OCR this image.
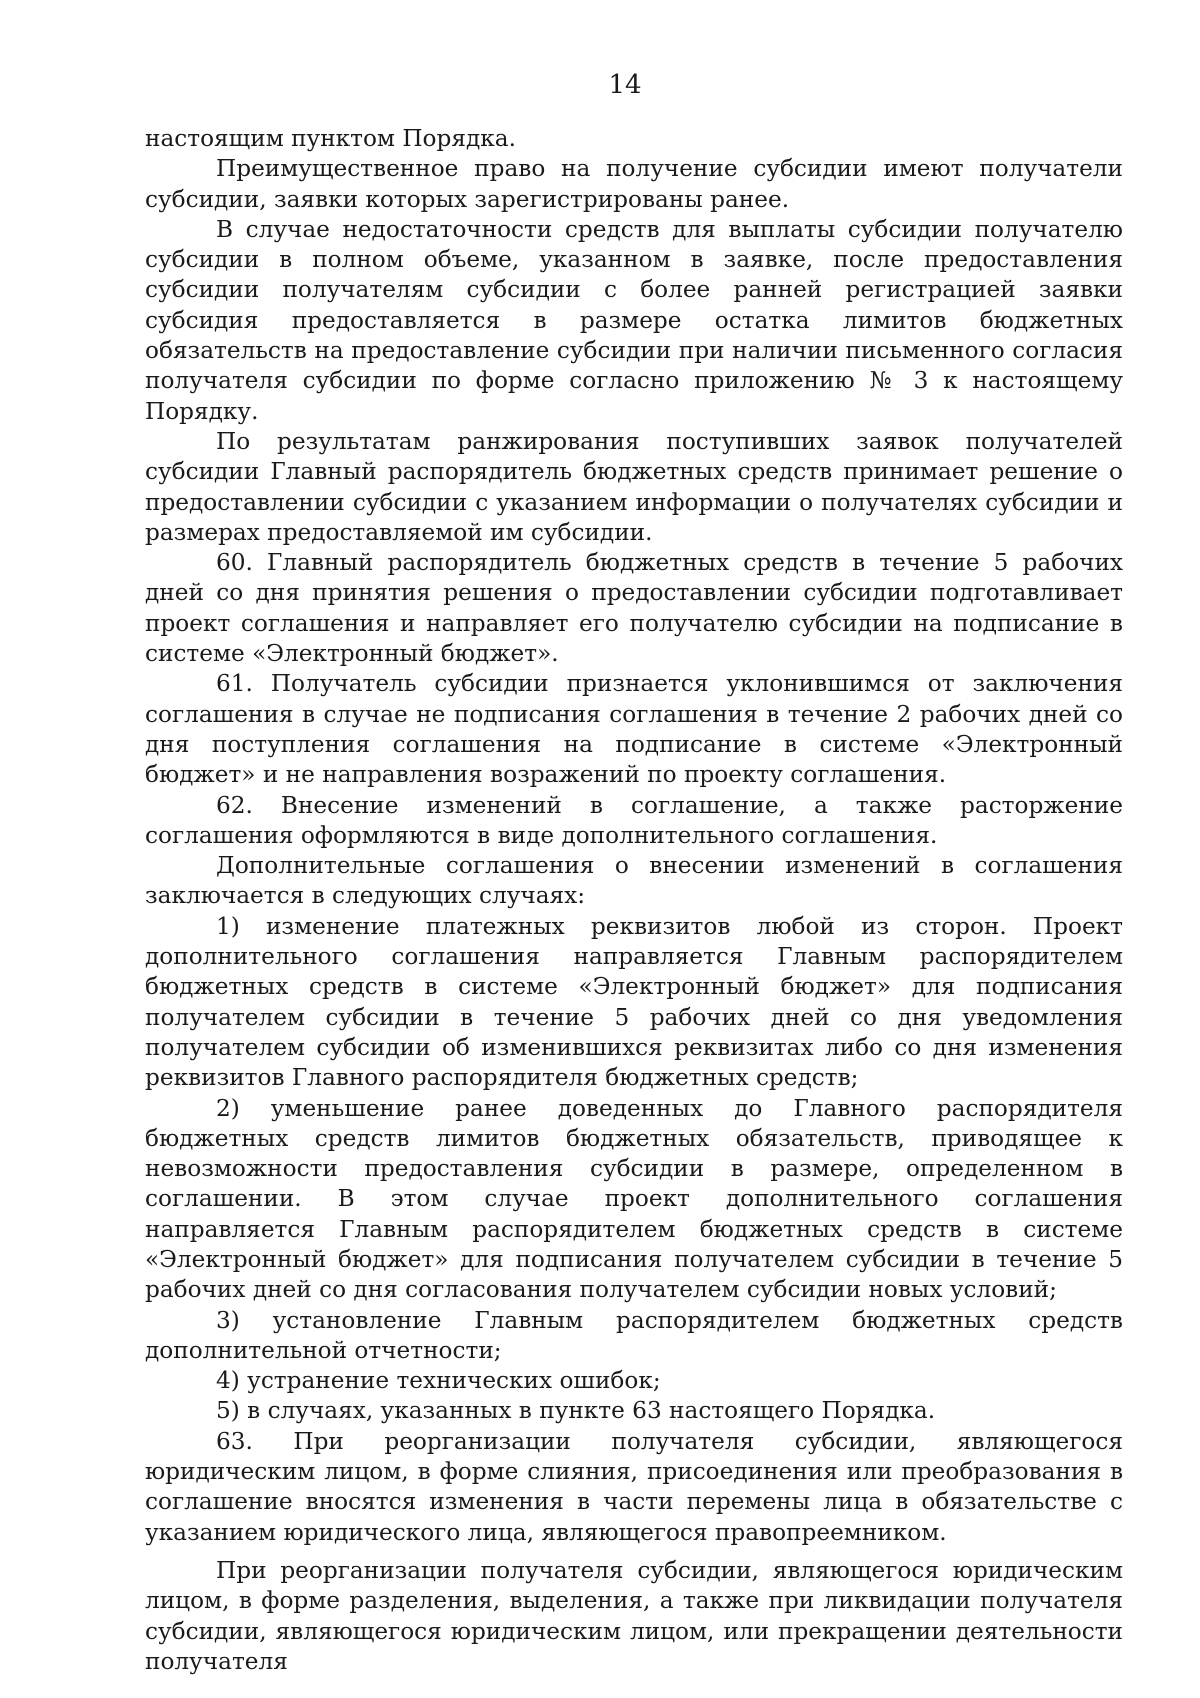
14

настоящим пунктом Порядка.

Преимущественное право на получение субсидии имеют получатели субсидии, заявки которых зарегистрированы ранее.

В случае недостаточности средств для выплаты субсидии получателю субсидии в полном объеме, указанном в заявке, после предоставления субсидии получателям субсидии с более ранней регистрацией заявки субсидия предоставляется в размере остатка лимитов бюджетных обязательств на предоставление субсидии при наличии письменного согласия получателя субсидии по форме согласно приложению № 3 к настоящему Порядку.

По результатам ранжирования поступивших заявок получателей субсидии Главный распорядитель бюджетных средств принимает решение о предоставлении субсидии с указанием информации о получателях субсидии и размерах предоставляемой им субсидии.

60. Главный распорядитель бюджетных средств в течение 5 рабочих дней со дня принятия решения о предоставлении субсидии подготавливает проект соглашения и направляет его получателю субсидии на подписание в системе «Электронный бюджет».

61. Получатель субсидии признается уклонившимся от заключения соглашения в случае не подписания соглашения в течение 2 рабочих дней со дня поступления соглашения на подписание в системе «Электронный бюджет» и не направления возражений по проекту соглашения.

62. Внесение изменений в соглашение, а также расторжение соглашения оформляются в виде дополнительного соглашения.

Дополнительные соглашения о внесении изменений в соглашения заключается в следующих случаях:

1) изменение платежных реквизитов любой из сторон. Проект дополнительного соглашения направляется Главным распорядителем бюджетных средств в системе «Электронный бюджет» для подписания получателем субсидии в течение 5 рабочих дней со дня уведомления получателем субсидии об изменившихся реквизитах либо со дня изменения реквизитов Главного распорядителя бюджетных средств;

2) уменьшение ранее доведенных до Главного распорядителя бюджетных средств лимитов бюджетных обязательств, приводящее к невозможности предоставления субсидии в размере, определенном в соглашении. В этом случае проект дополнительного соглашения направляется Главным распорядителем бюджетных средств в системе «Электронный бюджет» для подписания получателем субсидии в течение 5 рабочих дней со дня согласования получателем субсидии новых условий;

3) установление Главным распорядителем бюджетных средств дополнительной отчетности;

4) устранение технических ошибок;

5) в случаях, указанных в пункте 63 настоящего Порядка.

63. При реорганизации получателя субсидии, являющегося юридическим лицом, в форме слияния, присоединения или преобразования в соглашение вносятся изменения в части перемены лица в обязательстве с указанием юридического лица, являющегося правопреемником.

При реорганизации получателя субсидии, являющегося юридическим лицом, в форме разделения, выделения, а также при ликвидации получателя субсидии, являющегося юридическим лицом, или прекращении деятельности получателя
